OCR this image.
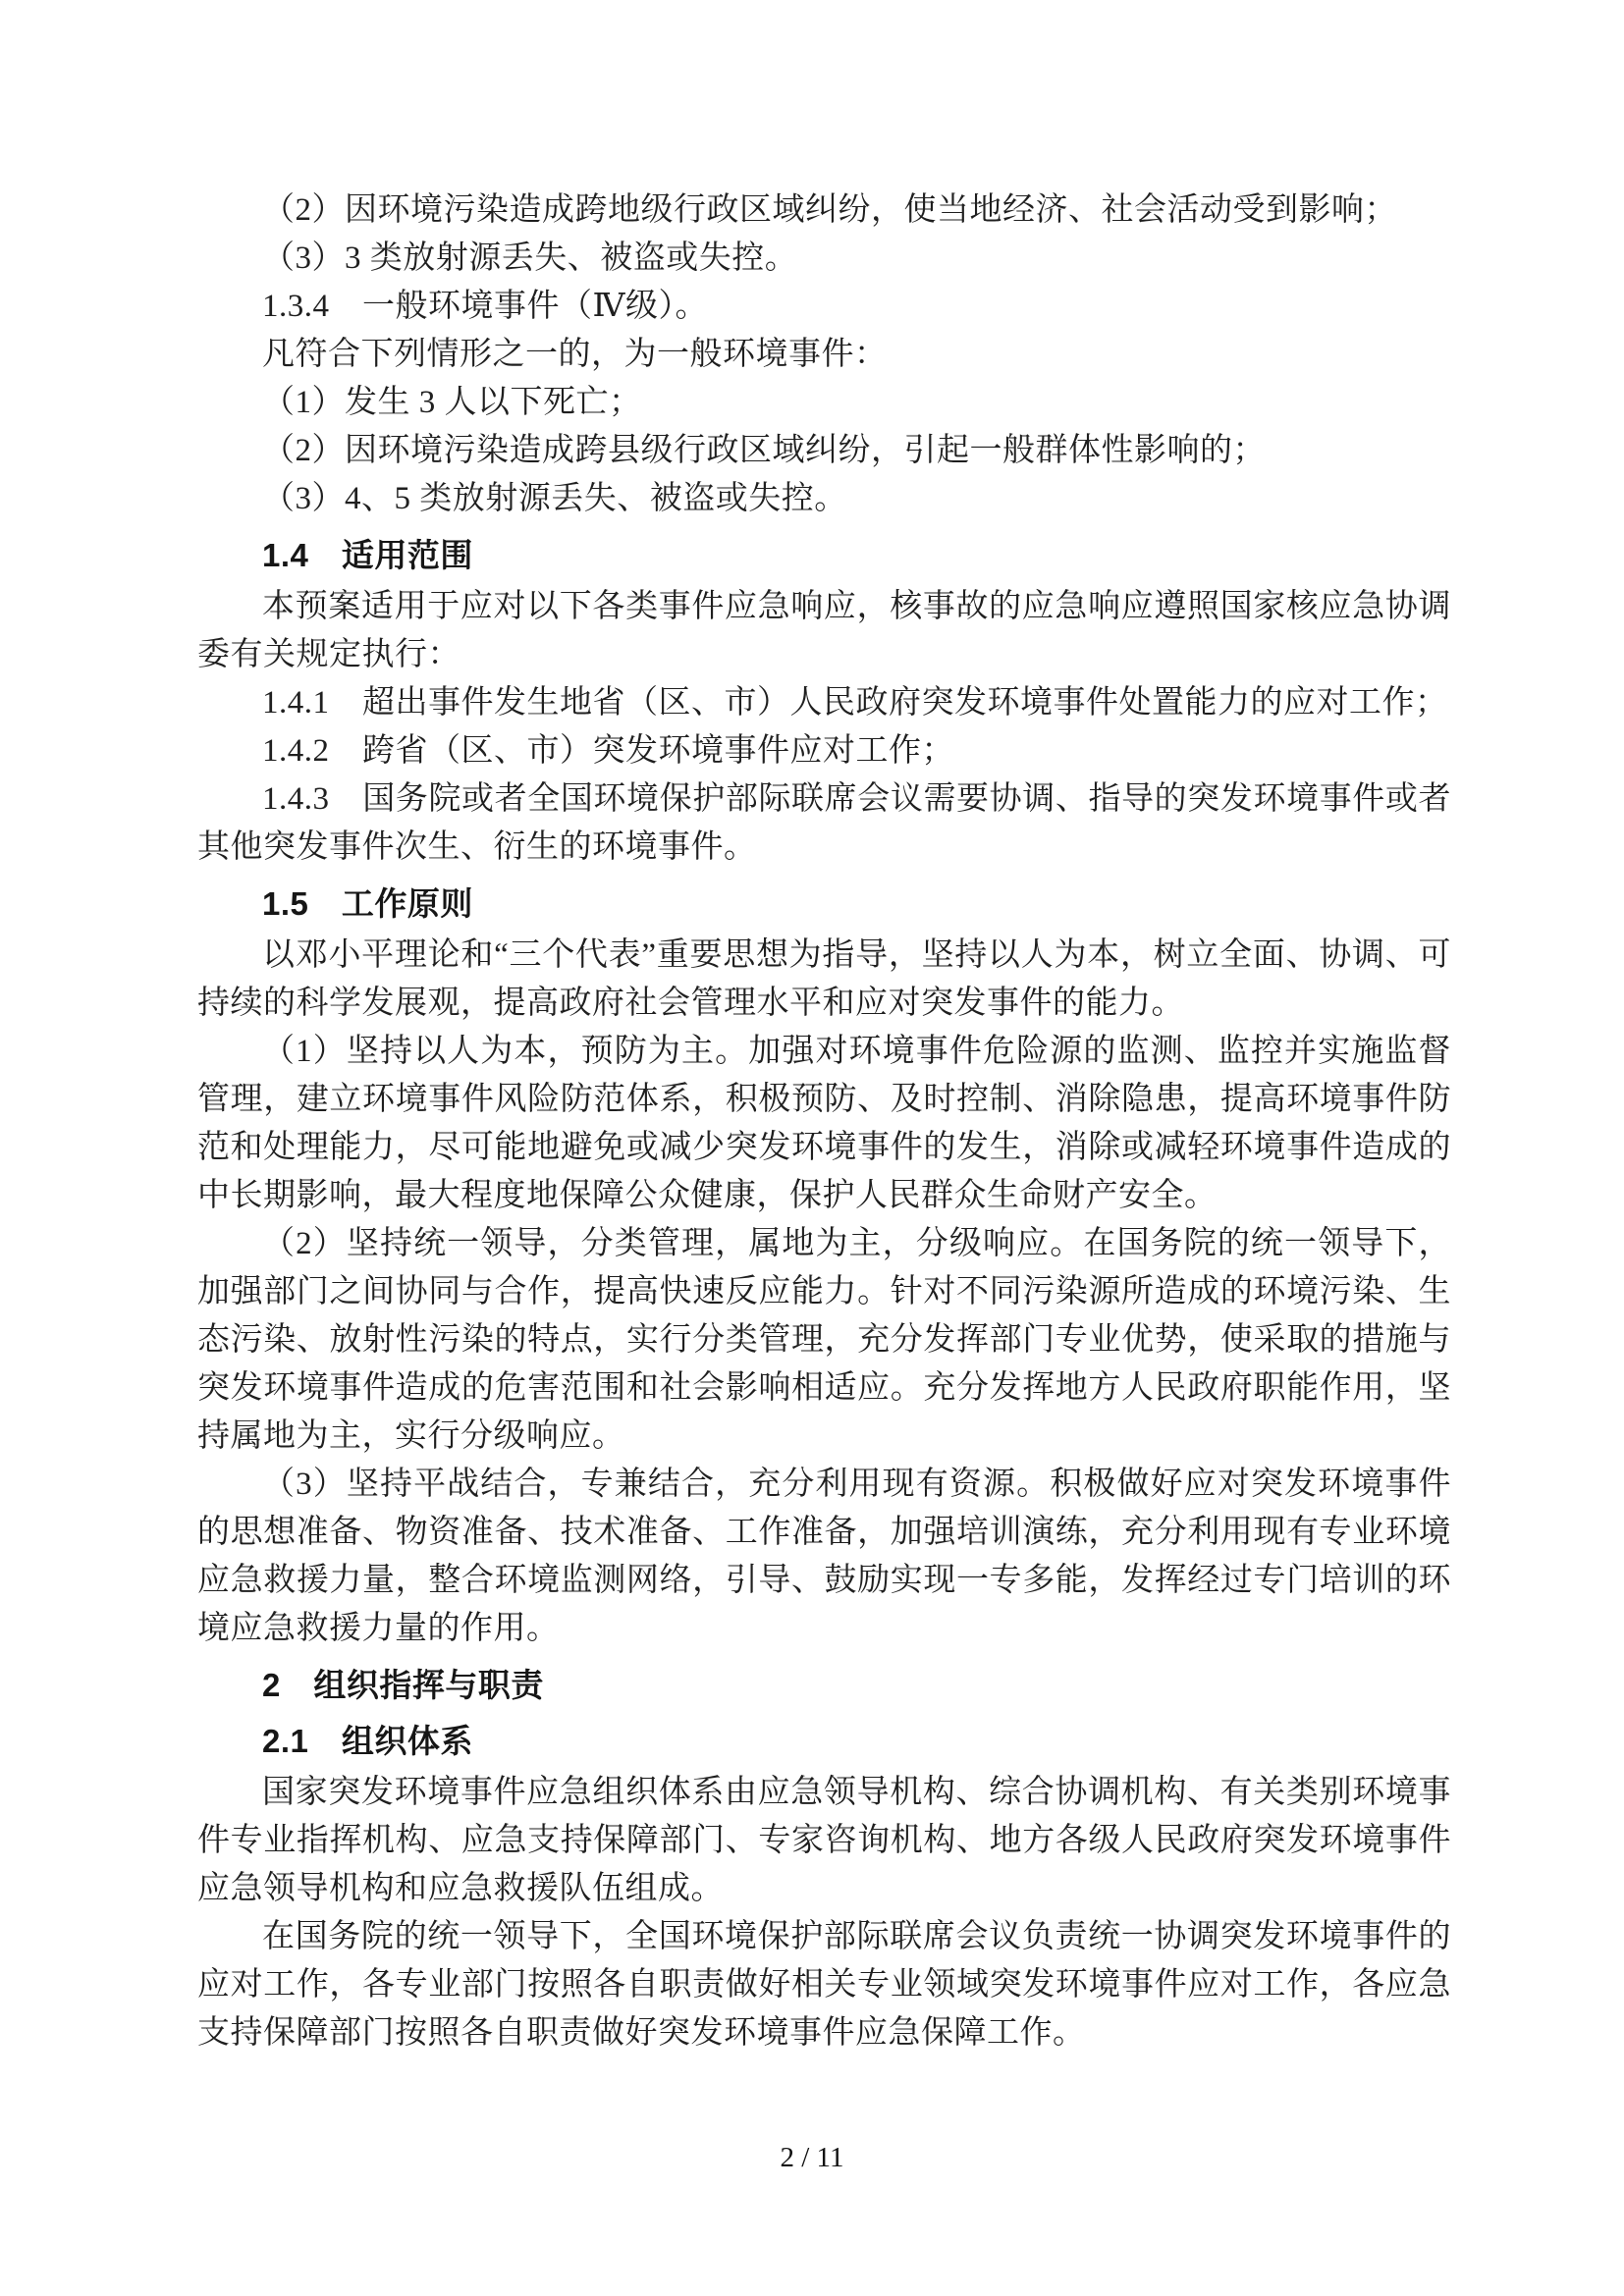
（2）因环境污染造成跨地级行政区域纠纷，使当地经济、社会活动受到影响；

（3）3 类放射源丢失、被盗或失控。

1.3.4　一般环境事件（Ⅳ级）。

凡符合下列情形之一的，为一般环境事件：

（1）发生 3 人以下死亡；

（2）因环境污染造成跨县级行政区域纠纷，引起一般群体性影响的；

（3）4、5 类放射源丢失、被盗或失控。

1.4　适用范围

本预案适用于应对以下各类事件应急响应，核事故的应急响应遵照国家核应急协调委有关规定执行：

1.4.1　超出事件发生地省（区、市）人民政府突发环境事件处置能力的应对工作；

1.4.2　跨省（区、市）突发环境事件应对工作；

1.4.3　国务院或者全国环境保护部际联席会议需要协调、指导的突发环境事件或者其他突发事件次生、衍生的环境事件。

1.5　工作原则

以邓小平理论和“三个代表”重要思想为指导，坚持以人为本，树立全面、协调、可持续的科学发展观，提高政府社会管理水平和应对突发事件的能力。

（1）坚持以人为本，预防为主。加强对环境事件危险源的监测、监控并实施监督管理，建立环境事件风险防范体系，积极预防、及时控制、消除隐患，提高环境事件防范和处理能力，尽可能地避免或减少突发环境事件的发生，消除或减轻环境事件造成的中长期影响，最大程度地保障公众健康，保护人民群众生命财产安全。

（2）坚持统一领导，分类管理，属地为主，分级响应。在国务院的统一领导下，加强部门之间协同与合作，提高快速反应能力。针对不同污染源所造成的环境污染、生态污染、放射性污染的特点，实行分类管理，充分发挥部门专业优势，使采取的措施与突发环境事件造成的危害范围和社会影响相适应。充分发挥地方人民政府职能作用，坚持属地为主，实行分级响应。

（3）坚持平战结合，专兼结合，充分利用现有资源。积极做好应对突发环境事件的思想准备、物资准备、技术准备、工作准备，加强培训演练，充分利用现有专业环境应急救援力量，整合环境监测网络，引导、鼓励实现一专多能，发挥经过专门培训的环境应急救援力量的作用。

2　组织指挥与职责

2.1　组织体系

国家突发环境事件应急组织体系由应急领导机构、综合协调机构、有关类别环境事件专业指挥机构、应急支持保障部门、专家咨询机构、地方各级人民政府突发环境事件应急领导机构和应急救援队伍组成。

在国务院的统一领导下，全国环境保护部际联席会议负责统一协调突发环境事件的应对工作，各专业部门按照各自职责做好相关专业领域突发环境事件应对工作，各应急支持保障部门按照各自职责做好突发环境事件应急保障工作。

2 / 11
